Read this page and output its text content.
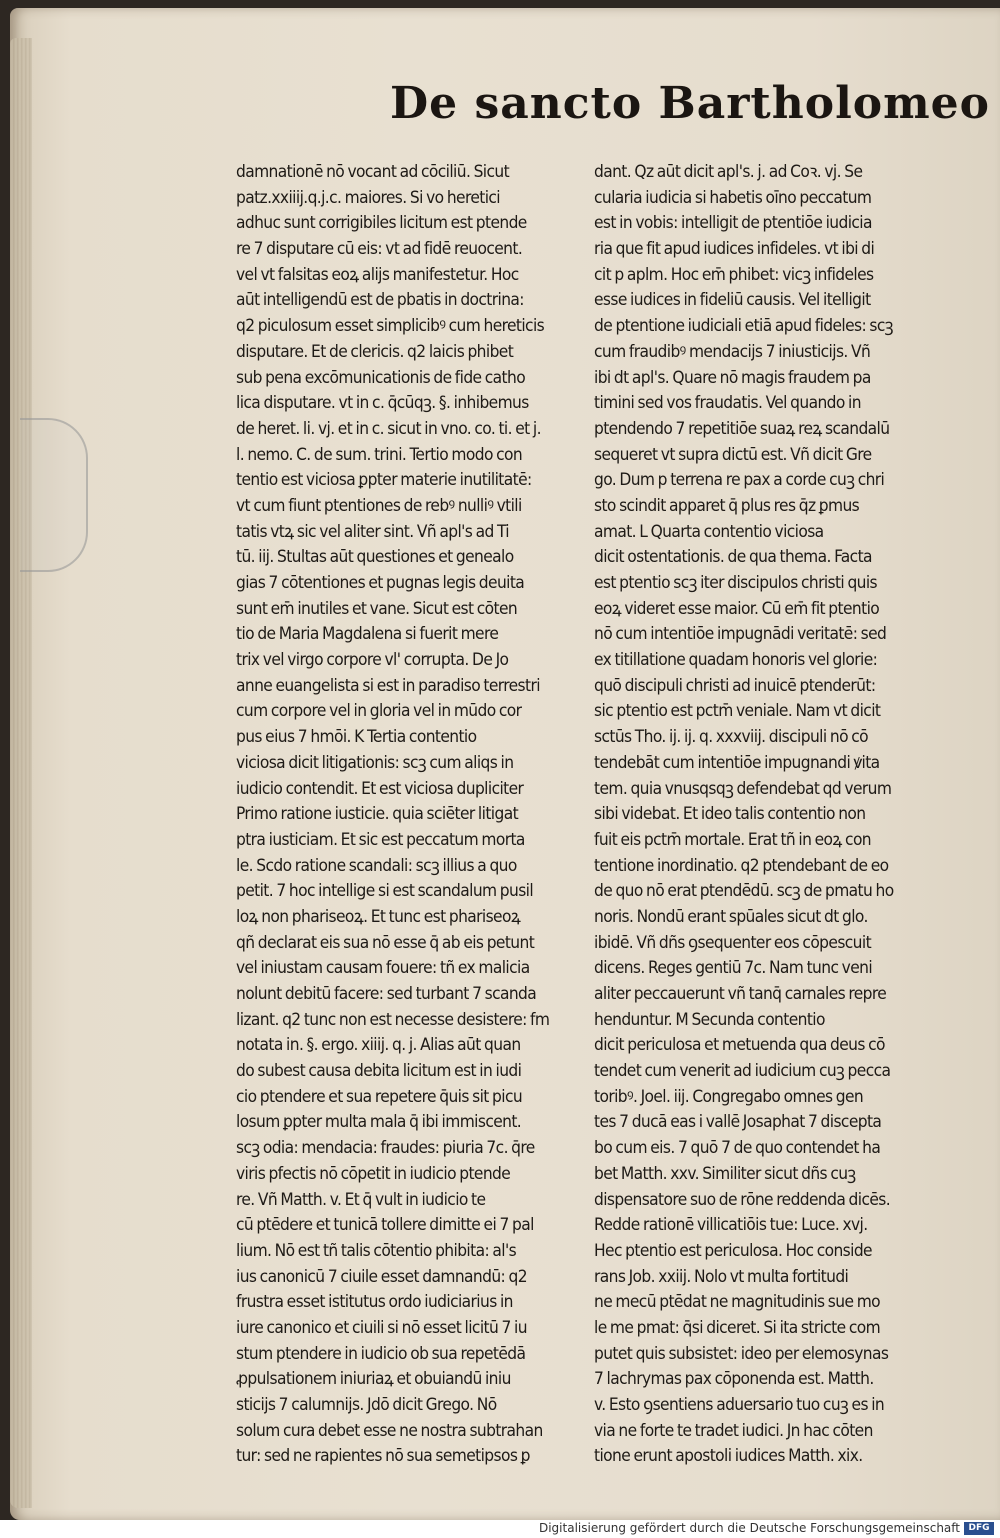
De sancto Bartholomeo
damnationē nō vocant ad cōciliū. Sicut
patz.xxiiij.q.j.c. maiores. Si vo heretici
adhuc sunt corrigibiles licitum est ptende
re 7 disputare cū eis: vt ad fidē reuocent.
vel vt falsitas eoꝝ alijs manifestetur. Hoc
aūt intelligendū est de pbatis in doctrina:
q2 piculosum esset simplicibꝰ cum hereticis
disputare. Et de clericis. q2 laicis phibet
sub pena excōmunicationis de fide catho
lica disputare. vt in c. q̄cūqꝫ. §. inhibemus
de heret. li. vj. et in c. sicut in vno. co. ti. et j.
l. nemo. C. de sum. trini. Tertio modo con
tentio est viciosa ꝑpter materie inutilitatē:
vt cum fiunt ptentiones de rebꝰ nulliꝰ vtili
tatis vtꝝ sic vel aliter sint. Vñ apl's ad Ti
tū. iij. Stultas aūt questiones et genealo
gias 7 cōtentiones et pugnas legis deuita
sunt em̄ inutiles et vane. Sicut est cōten
tio de Maria Magdalena si fuerit mere
trix vel virgo corpore vl' corrupta. De Jo
anne euangelista si est in paradiso terrestri
cum corpore vel in gloria vel in mūdo cor
pus eius 7 hmōi. K Tertia contentio
viciosa dicit litigationis: scꝫ cum aliqs in
iudicio contendit. Et est viciosa dupliciter
Primo ratione iusticie. quia sciēter litigat
ptra iusticiam. Et sic est peccatum morta
le. Scdo ratione scandali: scꝫ illius a quo
petit. 7 hoc intellige si est scandalum pusil
loꝝ non phariseoꝝ. Et tunc est phariseoꝝ
qñ declarat eis sua nō esse q̄ ab eis petunt
vel iniustam causam fouere: tñ ex malicia
nolunt debitū facere: sed turbant 7 scanda
lizant. q2 tunc non est necesse desistere: fm
notata in. §. ergo. xiiij. q. j. Alias aūt quan
do subest causa debita licitum est in iudi
cio ptendere et sua repetere q̄uis sit picu
losum ꝑpter multa mala q̄ ibi immiscent.
scꝫ odia: mendacia: fraudes: piuria 7c. q̄re
viris pfectis nō cōpetit in iudicio ptende
re. Vñ Matth. v. Et q̄ vult in iudicio te
cū ptēdere et tunicā tollere dimitte ei 7 pal
lium. Nō est tñ talis cōtentio phibita: al's
ius canonicū 7 ciuile esset damnandū: q2
frustra esset istitutus ordo iudiciarius in
iure canonico et ciuili si nō esset licitū 7 iu
stum ptendere in iudicio ob sua repetēdā
ꝓpulsationem iniuriaꝝ et obuiandū iniu
sticijs 7 calumnijs. Jdō dicit Grego. Nō
solum cura debet esse ne nostra subtrahan
tur: sed ne rapientes nō sua semetipsos ꝑ
dant. Qz aūt dicit apl's. j. ad Coꝛ. vj. Se
cularia iudicia si habetis oīno peccatum
est in vobis: intelligit de ptentiōe iudicia
ria que fit apud iudices infideles. vt ibi di
cit p aplm. Hoc em̄ phibet: vicꝫ infideles
esse iudices in fideliū causis. Vel itelligit
de ptentione iudiciali etiā apud fideles: scꝫ
cum fraudibꝰ mendacijs 7 iniusticijs. Vñ
ibi dt apl's. Quare nō magis fraudem pa
timini sed vos fraudatis. Vel quando in
ptendendo 7 repetitiōe suaꝝ reꝝ scandalū
sequeret vt supra dictū est. Vñ dicit Gre
go. Dum p terrena re pax a corde cuꝫ chri
sto scindit apparet q̄ plus res q̄z ꝑmus
amat. L Quarta contentio viciosa
dicit ostentationis. de qua thema. Facta
est ptentio scꝫ iter discipulos christi quis
eoꝝ videret esse maior. Cū em̄ fit ptentio
nō cum intentiōe impugnādi veritatē: sed
ex titillatione quadam honoris vel glorie:
quō discipuli christi ad inuicē ptenderūt:
sic ptentio est pctm̄ veniale. Nam vt dicit
sctūs Tho. ij. ij. q. xxxviij. discipuli nō cō
tendebāt cum intentiōe impugnandi ꝟita
tem. quia vnusqsqꝫ defendebat qd verum
sibi videbat. Et ideo talis contentio non
fuit eis pctm̄ mortale. Erat tñ in eoꝝ con
tentione inordinatio. q2 ptendebant de eo
de quo nō erat ptendēdū. scꝫ de pmatu ho
noris. Nondū erant spūales sicut dt glo.
ibidē. Vñ dñs ꝯsequenter eos cōpescuit
dicens. Reges gentiū 7c. Nam tunc veni
aliter peccauerunt vñ tanq̄ carnales repre
henduntur. M Secunda contentio
dicit periculosa et metuenda qua deus cō
tendet cum venerit ad iudicium cuꝫ pecca
toribꝰ. Joel. iij. Congregabo omnes gen
tes 7 ducā eas i vallē Josaphat 7 discepta
bo cum eis. 7 quō 7 de quo contendet ha
bet Matth. xxv. Similiter sicut dñs cuꝫ
dispensatore suo de rōne reddenda dicēs.
Redde rationē villicatiōis tue: Luce. xvj.
Hec ptentio est periculosa. Hoc conside
rans Job. xxiij. Nolo vt multa fortitudi
ne mecū ptēdat ne magnitudinis sue mo
le me pmat: q̄si diceret. Si ita stricte com
putet quis subsistet: ideo per elemosynas
7 lachrymas pax cōponenda est. Matth.
v. Esto ꝯsentiens aduersario tuo cuꝫ es in
via ne forte te tradet iudici. Jn hac cōten
tione erunt apostoli iudices Matth. xix.
Digitalisierung gefördert durch die Deutsche Forschungsgemeinschaft DFG
